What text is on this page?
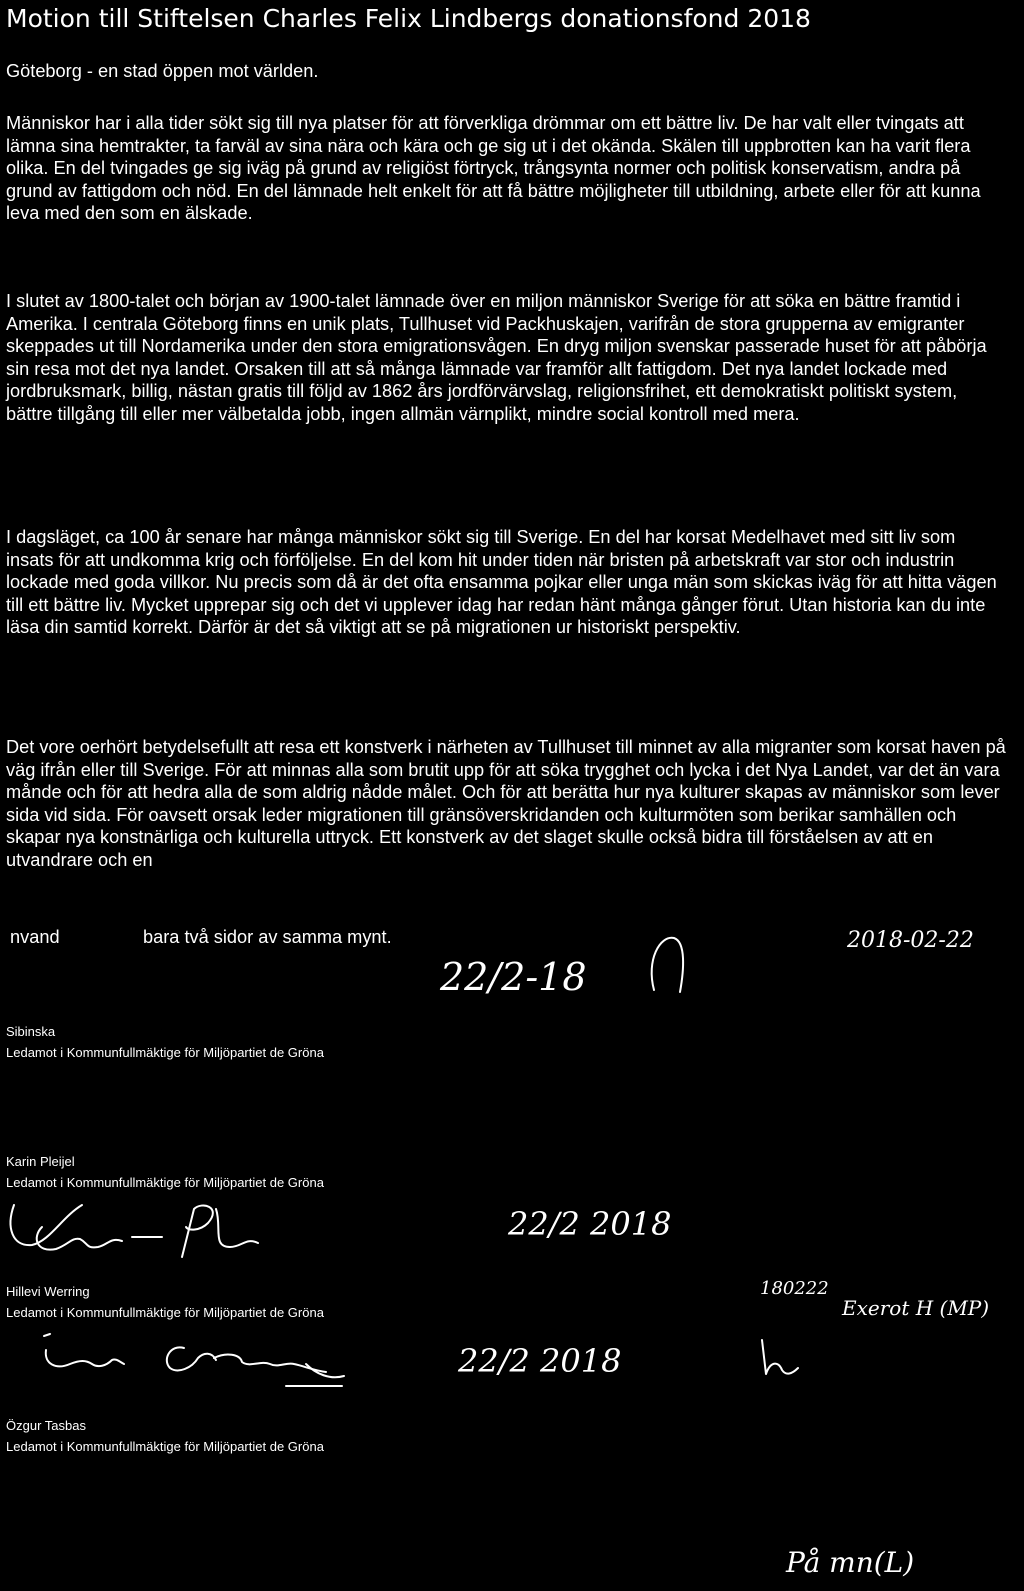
Motion till Stiftelsen Charles Felix Lindbergs donationsfond 2018

Göteborg - en stad öppen mot världen.

Människor har i alla tider sökt sig till nya platser för att förverkliga drömmar om ett bättre liv. De har valt eller tvingats att lämna sina hemtrakter, ta farväl av sina nära och kära och ge sig ut i det okända. Skälen till uppbrotten kan ha varit flera olika. En del tvingades ge sig iväg på grund av religiöst förtryck, trångsynta normer och politisk konservatism, andra på grund av fattigdom och nöd. En del lämnade helt enkelt för att få bättre möjligheter till utbildning, arbete eller för att kunna leva med den som en älskade.

I slutet av 1800-talet och början av 1900-talet lämnade över en miljon människor Sverige för att söka en bättre framtid i Amerika. I centrala Göteborg finns en unik plats, Tullhuset vid Packhuskajen, varifrån de stora grupperna av emigranter skeppades ut till Nordamerika under den stora emigrationsvågen. En dryg miljon svenskar passerade huset för att påbörja sin resa mot det nya landet. Orsaken till att så många lämnade var framför allt fattigdom. Det nya landet lockade med jordbruksmark, billig, nästan gratis till följd av 1862 års jordförvärvslag, religionsfrihet, ett demokratiskt politiskt system, bättre tillgång till eller mer välbetalda jobb, ingen allmän värnplikt, mindre social kontroll med mera.

I dagsläget, ca 100 år senare har många människor sökt sig till Sverige. En del har korsat Medelhavet med sitt liv som insats för att undkomma krig och förföljelse. En del kom hit under tiden när bristen på arbetskraft var stor och industrin lockade med goda villkor. Nu precis som då är det ofta ensamma pojkar eller unga män som skickas iväg för att hitta vägen till ett bättre liv. Mycket upprepar sig och det vi upplever idag har redan hänt många gånger förut. Utan historia kan du inte läsa din samtid korrekt. Därför är det så viktigt att se på migrationen ur historiskt perspektiv.

Det vore oerhört betydelsefullt att resa ett konstverk i närheten av Tullhuset till minnet av alla migranter som korsat haven på väg ifrån eller till Sverige. För att minnas alla som brutit upp för att söka trygghet och lycka i det Nya Landet, var det än vara månde och för att hedra alla de som aldrig nådde målet. Och för att berätta hur nya kulturer skapas av människor som lever sida vid sida. För oavsett orsak leder migrationen till gränsöverskridanden och kulturmöten som berikar samhällen och skapar nya konstnärliga och kulturella uttryck. Ett konstverk av det slaget skulle också bidra till förståelsen av att en utvandrare och en

nvand	bara två sidor av samma mynt.	2018-02-22
22/2-18

Sibinska

Ledamot i Kommunfullmäktige för Miljöpartiet de Gröna

Karin Pleijel

Ledamot i Kommunfullmäktige för Miljöpartiet de Gröna

22/2 2018

Hillevi Werring

Ledamot i Kommunfullmäktige för Miljöpartiet de Gröna

180222
Exerot H (MP)
22/2 2018

Özgur Tasbas

Ledamot i Kommunfullmäktige för Miljöpartiet de Gröna

På mn(L)
